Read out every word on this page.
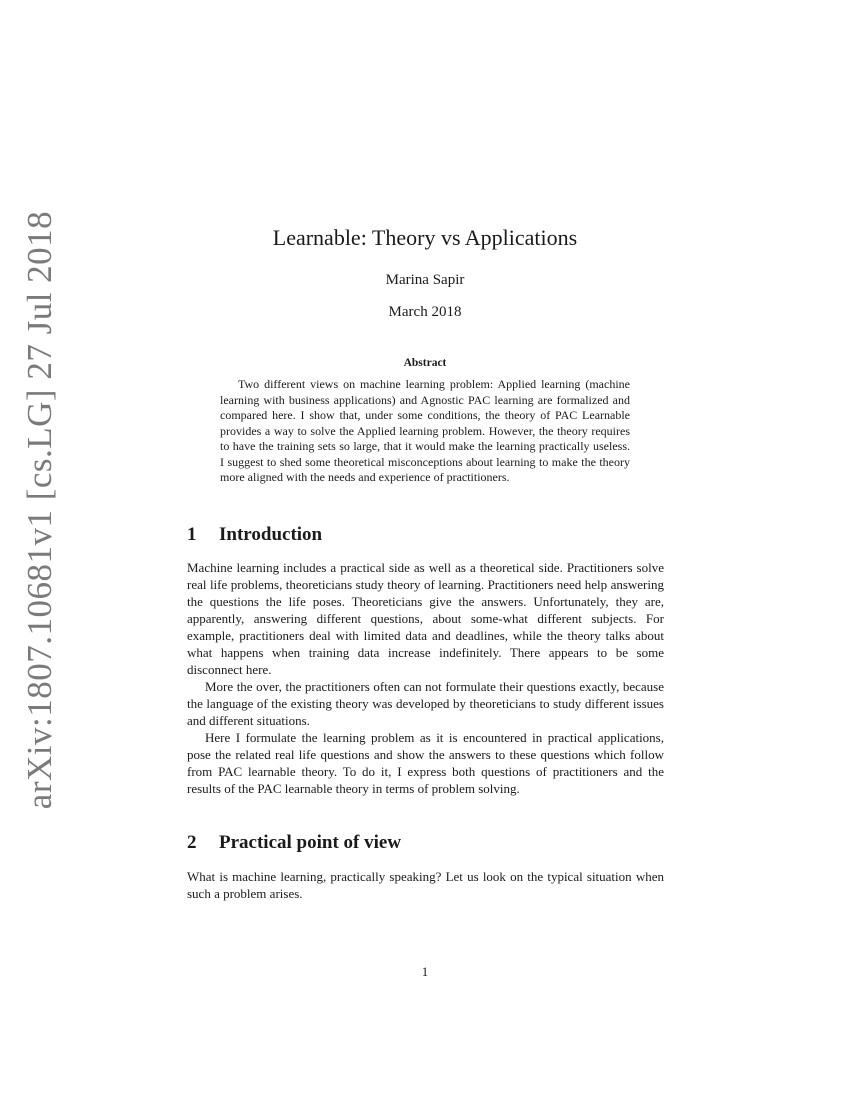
arXiv:1807.10681v1 [cs.LG] 27 Jul 2018	Learnable: Theory vs Applications
Marina Sapir
March 2018
Abstract

Two different views on machine learning problem: Applied learning (machine learning with business applications) and Agnostic PAC learning are formalized and compared here. I show that, under some conditions, the theory of PAC Learnable provides a way to solve the Applied learning problem. However, the theory requires to have the training sets so large, that it would make the learning practically useless. I suggest to shed some theoretical misconceptions about learning to make the theory more aligned with the needs and experience of practitioners.

1 Introduction

Machine learning includes a practical side as well as a theoretical side. Practitioners solve real life problems, theoreticians study theory of learning. Practitioners need help answering the questions the life poses. Theoreticians give the answers. Unfortunately, they are, apparently, answering different questions, about some-what different subjects. For example, practitioners deal with limited data and deadlines, while the theory talks about what happens when training data increase indefinitely. There appears to be some disconnect here.

More the over, the practitioners often can not formulate their questions exactly, because the language of the existing theory was developed by theoreticians to study different issues and different situations.

Here I formulate the learning problem as it is encountered in practical applications, pose the related real life questions and show the answers to these questions which follow from PAC learnable theory. To do it, I express both questions of practitioners and the results of the PAC learnable theory in terms of problem solving.

2 Practical point of view

What is machine learning, practically speaking? Let us look on the typical situation when such a problem arises.

1
